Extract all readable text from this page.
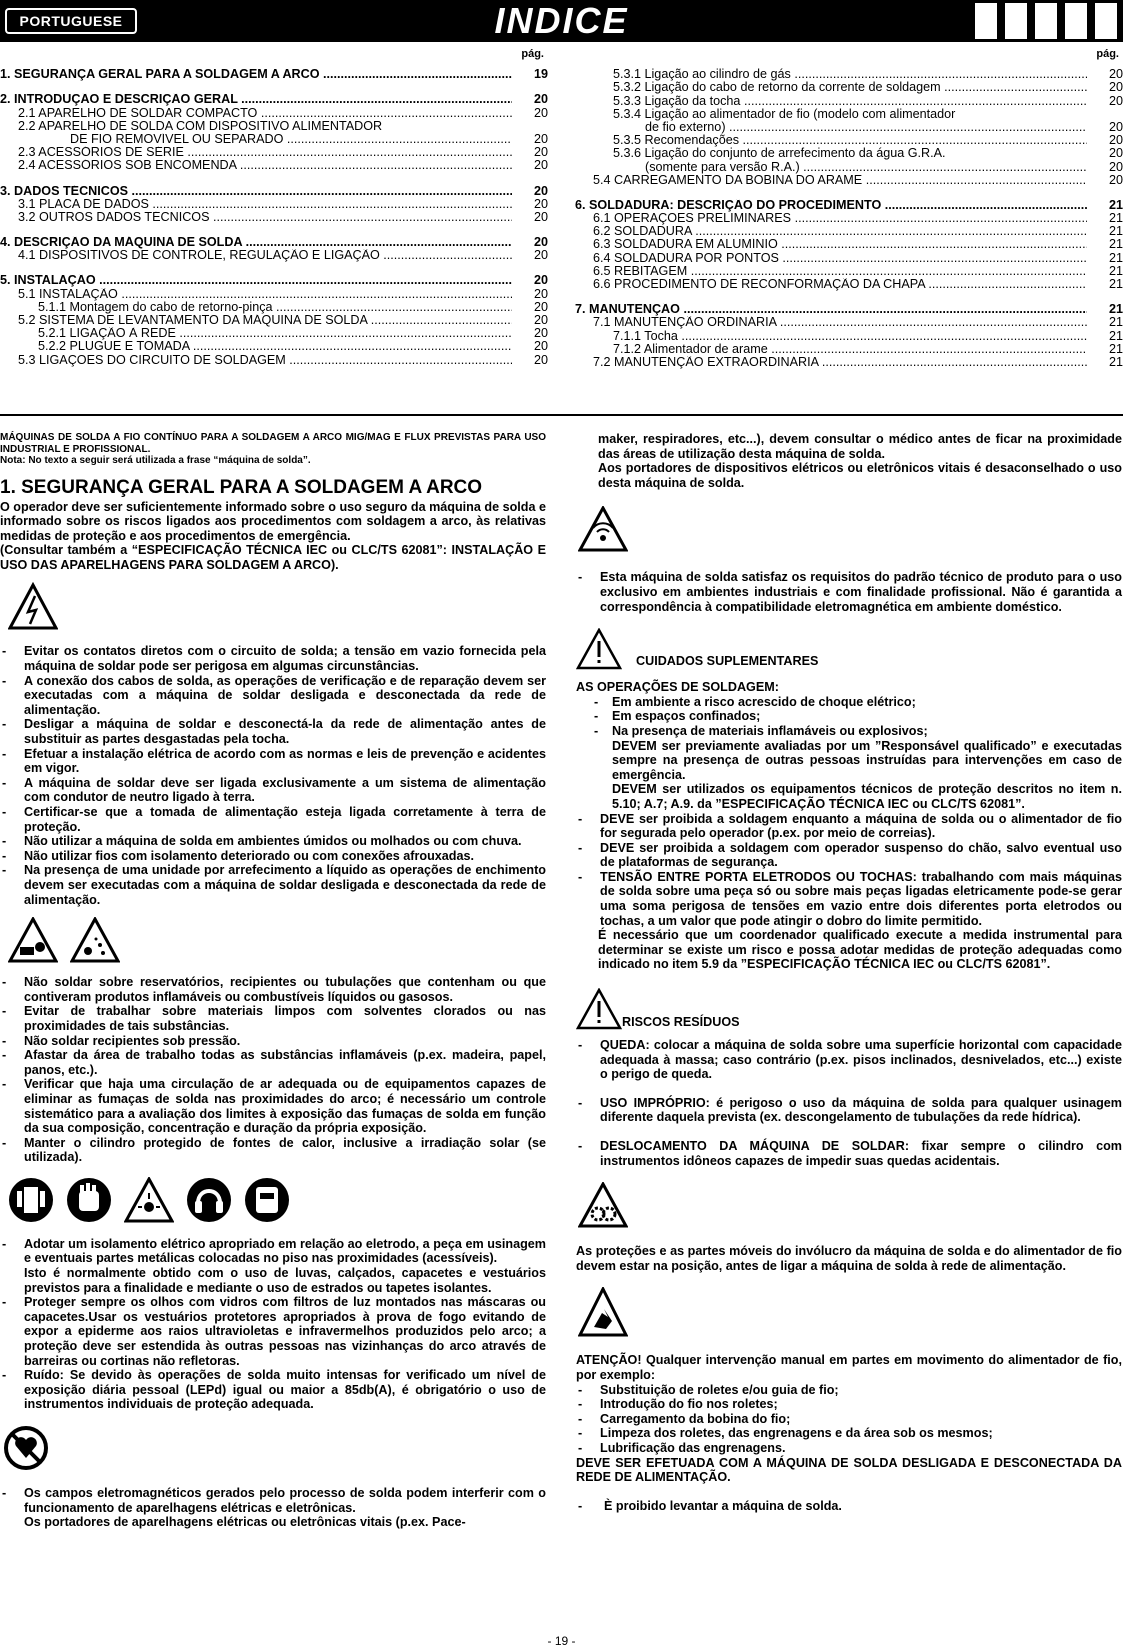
PORTUGUESE	INDICE
pág.
1. SEGURANÇA GERAL PARA A SOLDAGEM A ARCO .....	19
2. INTRODUÇÃO E DESCRIÇÃO GERAL .....	20
2.1 APARELHO DE SOLDAR COMPACTO .....	20
2.2 APARELHO DE SOLDA COM DISPOSITIVO ALIMENTADOR
DE FIO REMOVÍVEL OU SEPARADO .....	20
2.3 ACESSÓRIOS DE SÉRIE .....	20
2.4 ACESSÓRIOS SOB ENCOMENDA .....	20
3. DADOS TÉCNICOS .....	20
3.1 PLACA DE DADOS .....	20
3.2 OUTROS DADOS TÉCNICOS .....	20
4. DESCRIÇÃO DA MÁQUINA DE SOLDA .....	20
4.1 DISPOSITIVOS DE CONTROLE, REGULAÇÃO E LIGAÇÃO .....	20
5. INSTALAÇÃO .....	20
5.1 INSTALAÇÃO .....	20
5.1.1 Montagem do cabo de retorno-pinça .....	20
5.2 SISTEMA DE LEVANTAMENTO DA MÁQUINA DE SOLDA .....	20
5.2.1 LIGAÇÃO À REDE .....	20
5.2.2 PLUGUE E TOMADA .....	20
5.3 LIGAÇÕES DO CIRCUITO DE SOLDAGEM .....	20
pág.
5.3.1 Ligação ao cilindro de gás .....	20
5.3.2 Ligação do cabo de retorno da corrente de soldagem .....	20
5.3.3 Ligação da tocha .....	20
5.3.4 Ligação ao alimentador de fio (modelo com alimentador
de fio externo) .....	20
5.3.5 Recomendações .....	20
5.3.6 Ligação do conjunto de arrefecimento da água G.R.A.	20
(somente para versão R.A.) .....	20
5.4 CARREGAMENTO DA BOBINA DO ARAME .....	20
6. SOLDADURA: DESCRIÇÃO DO PROCEDIMENTO .....	21
6.1 OPERAÇÕES PRELIMINARES .....	21
6.2 SOLDADURA .....	21
6.3 SOLDADURA EM ALUMÍNIO .....	21
6.4 SOLDADURA POR PONTOS .....	21
6.5 REBITAGEM .....	21
6.6 PROCEDIMENTO DE RECONFORMAÇÃO DA CHAPA .....	21
7. MANUTENÇÃO .....	21
7.1 MANUTENÇÃO ORDINÁRIA .....	21
7.1.1 Tocha .....	21
7.1.2 Alimentador de arame .....	21
7.2 MANUTENÇÃO EXTRAORDINÁRIA .....	21

MÁQUINAS DE SOLDA A FIO CONTÍNUO PARA A SOLDAGEM A ARCO MIG/MAG E FLUX PREVISTAS PARA USO INDUSTRIAL E PROFISSIONAL.

Nota: No texto a seguir será utilizada a frase “máquina de solda”.

1. SEGURANÇA GERAL PARA A SOLDAGEM A ARCO

O operador deve ser suficientemente informado sobre o uso seguro da máquina de solda e informado sobre os riscos ligados aos procedimentos com soldagem a arco, às relativas medidas de proteção e aos procedimentos de emergência.

(Consultar também a “ESPECIFICAÇÃO TÉCNICA IEC ou CLC/TS 62081”: INSTALAÇÃO E USO DAS APARELHAGENS PARA SOLDAGEM A ARCO).

-	Evitar os contatos diretos com o circuito de solda; a tensão em vazio fornecida pela máquina de soldar pode ser perigosa em algumas circunstâncias.
-	A conexão dos cabos de solda, as operações de verificação e de reparação devem ser executadas com a máquina de soldar desligada e desconectada da rede de alimentação.
-	Desligar a máquina de soldar e desconectá-la da rede de alimentação antes de substituir as partes desgastadas pela tocha.
-	Efetuar a instalação elétrica de acordo com as normas e leis de prevenção e acidentes em vigor.
-	A máquina de soldar deve ser ligada exclusivamente a um sistema de alimentação com condutor de neutro ligado à terra.
-	Certificar-se que a tomada de alimentação esteja ligada corretamente à terra de proteção.
-	Não utilizar a máquina de solda em ambientes úmidos ou molhados ou com chuva.
-	Não utilizar fios com isolamento deteriorado ou com conexões afrouxadas.
-	Na presença de uma unidade por arrefecimento a líquido as operações de enchimento devem ser executadas com a máquina de soldar desligada e desconectada da rede de alimentação.
-	Não soldar sobre reservatórios, recipientes ou tubulações que contenham ou que contiveram produtos inflamáveis ou combustíveis líquidos ou gasosos.
-	Evitar de trabalhar sobre materiais limpos com solventes clorados ou nas proximidades de tais substâncias.
-	Não soldar recipientes sob pressão.
-	Afastar da área de trabalho todas as substâncias inflamáveis (p.ex. madeira, papel, panos, etc.).
-	Verificar que haja uma circulação de ar adequada ou de equipamentos capazes de eliminar as fumaças de solda nas proximidades do arco; é necessário um controle sistemático para a avaliação dos limites à exposição das fumaças de solda em função da sua composição, concentração e duração da própria exposição.
-	Manter o cilindro protegido de fontes de calor, inclusive a irradiação solar (se utilizada).
-	Adotar um isolamento elétrico apropriado em relação ao eletrodo, a peça em usinagem e eventuais partes metálicas colocadas no piso nas proximidades (acessíveis).
Isto é normalmente obtido com o uso de luvas, calçados, capacetes e vestuários previstos para a finalidade e mediante o uso de estrados ou tapetes isolantes.
-	Proteger sempre os olhos com vidros com filtros de luz montados nas máscaras ou capacetes.Usar os vestuários protetores apropriados à prova de fogo evitando de expor a epiderme aos raios ultravioletas e infravermelhos produzidos pelo arco; a proteção deve ser estendida às outras pessoas nas vizinhanças do arco através de barreiras ou cortinas não refletoras.
-	Ruído: Se devido às operações de solda muito intensas for verificado um nível de exposição diária pessoal (LEPd) igual ou maior a 85db(A), é obrigatório o uso de instrumentos individuais de proteção adequada.
-	Os campos eletromagnéticos gerados pelo processo de solda podem interferir com o funcionamento de aparelhagens elétricas e eletrônicas.
Os portadores de aparelhagens elétricas ou eletrônicas vitais (p.ex. Pace-

maker, respiradores, etc...), devem consultar o médico antes de ficar na proximidade das áreas de utilização desta máquina de solda.

Aos portadores de dispositivos elétricos ou eletrônicos vitais é desaconselhado o uso desta máquina de solda.

-	Esta máquina de solda satisfaz os requisitos do padrão técnico de produto para o uso exclusivo em ambientes industriais e com finalidade profissional. Não é garantida a correspondência à compatibilidade eletromagnética em ambiente doméstico.
CUIDADOS SUPLEMENTARES

AS OPERAÇÕES DE SOLDAGEM:

-	Em ambiente a risco acrescido de choque elétrico;
-	Em espaços confinados;
-	Na presença de materiais inflamáveis ou explosivos;

DEVEM ser previamente avaliadas por um ”Responsável qualificado” e executadas sempre na presença de outras pessoas instruídas para intervenções em caso de emergência.

DEVEM ser utilizados os equipamentos técnicos de proteção descritos no item n. 5.10; A.7; A.9. da ”ESPECIFICAÇÃO TÉCNICA IEC ou CLC/TS 62081”.

-	DEVE ser proibida a soldagem enquanto a máquina de solda ou o alimentador de fio for segurada pelo operador (p.ex. por meio de correias).
-	DEVE ser proibida a soldagem com operador suspenso do chão, salvo eventual uso de plataformas de segurança.
-	TENSÃO ENTRE PORTA ELETRODOS OU TOCHAS: trabalhando com mais máquinas de solda sobre uma peça só ou sobre mais peças ligadas eletricamente pode-se gerar uma soma perigosa de tensões em vazio entre dois diferentes porta eletrodos ou tochas, a um valor que pode atingir o dobro do limite permitido.

É necessário que um coordenador qualificado execute a medida instrumental para determinar se existe um risco e possa adotar medidas de proteção adequadas como indicado no item 5.9 da ”ESPECIFICAÇÃO TÉCNICA IEC ou CLC/TS 62081”.

RISCOS RESÍDUOS
-	QUEDA: colocar a máquina de solda sobre uma superfície horizontal com capacidade adequada à massa; caso contrário (p.ex. pisos inclinados, desnivelados, etc...) existe o perigo de queda.
-	USO IMPRÓPRIO: é perigoso o uso da máquina de solda para qualquer usinagem diferente daquela prevista (ex. descongelamento de tubulações da rede hídrica).
-	DESLOCAMENTO DA MÁQUINA DE SOLDAR: fixar sempre o cilindro com instrumentos idôneos capazes de impedir suas quedas acidentais.

As proteções e as partes móveis do invólucro da máquina de solda e do alimentador de fio devem estar na posição, antes de ligar a máquina de solda à rede de alimentação.

ATENÇÃO! Qualquer intervenção manual em partes em movimento do alimentador de fio, por exemplo:

-	Substituição de roletes e/ou guia de fio;
-	Introdução do fio nos roletes;
-	Carregamento da bobina do fio;
-	Limpeza dos roletes, das engrenagens e da área sob os mesmos;
-	Lubrificação das engrenagens.

DEVE SER EFETUADA COM A MÁQUINA DE SOLDA DESLIGADA E DESCONECTADA DA REDE DE ALIMENTAÇÃO.

-	È proibido levantar a máquina de solda.
- 19 -
